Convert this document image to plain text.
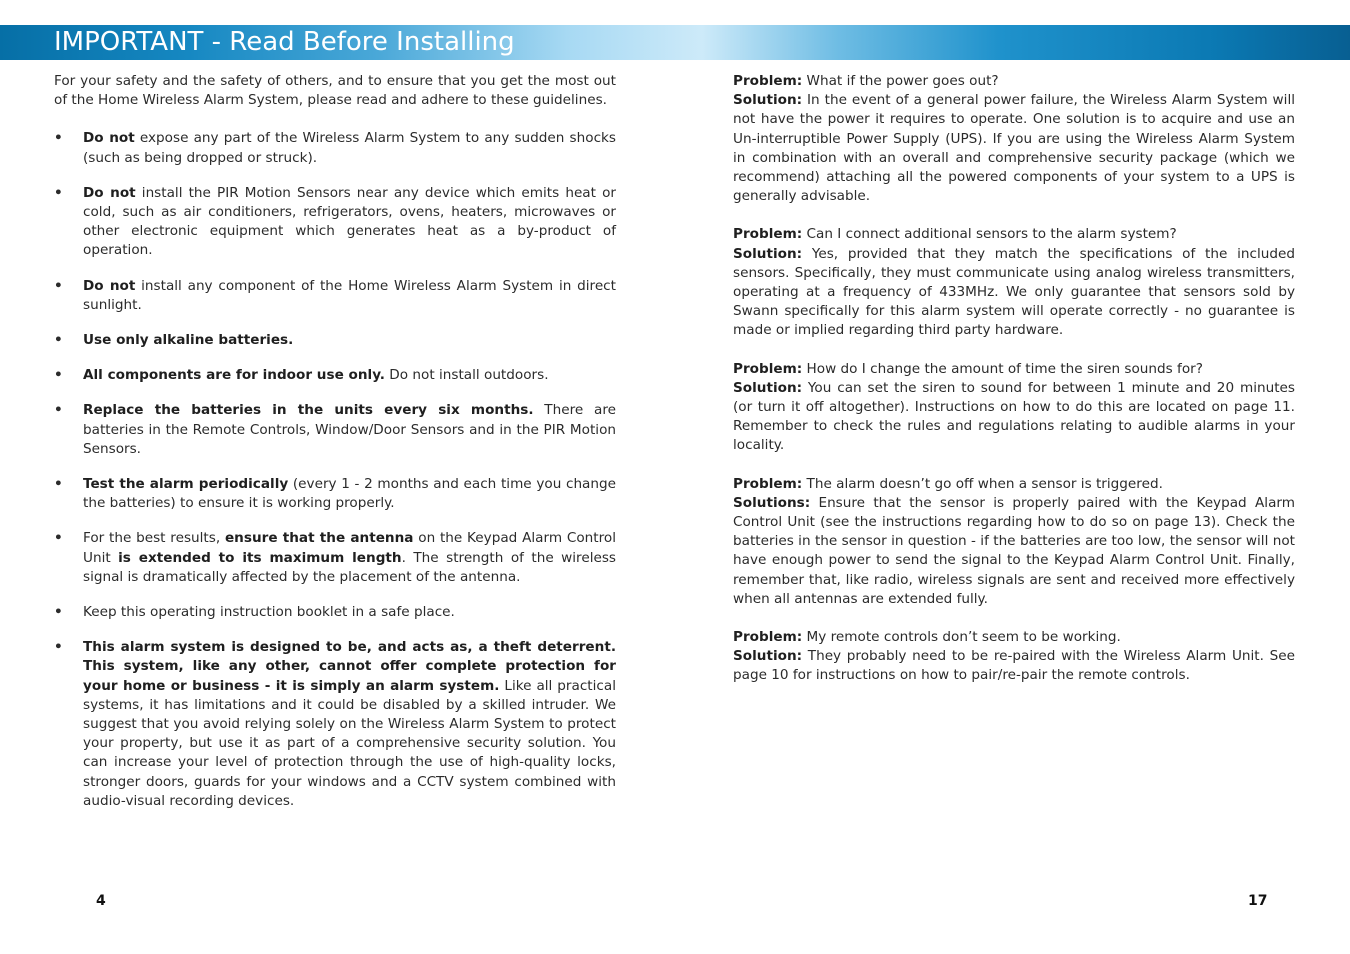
IMPORTANT - Read Before Installing

For your safety and the safety of others, and to ensure that you get the most out of the Home Wireless Alarm System, please read and adhere to these guidelines.

• Do not expose any part of the Wireless Alarm System to any sudden shocks (such as being dropped or struck).
• Do not install the PIR Motion Sensors near any device which emits heat or cold, such as air conditioners, refrigerators, ovens, heaters, microwaves or other electronic equipment which generates heat as a by-product of operation.
• Do not install any component of the Home Wireless Alarm System in direct sunlight.
• Use only alkaline batteries.
• All components are for indoor use only. Do not install outdoors.
• Replace the batteries in the units every six months. There are batteries in the Remote Controls, Window/Door Sensors and in the PIR Motion Sensors.
• Test the alarm periodically (every 1 - 2 months and each time you change the batteries) to ensure it is working properly.
• For the best results, ensure that the antenna on the Keypad Alarm Control Unit is extended to its maximum length. The strength of the wireless signal is dramatically affected by the placement of the antenna.
• Keep this operating instruction booklet in a safe place.
• This alarm system is designed to be, and acts as, a theft deterrent. This system, like any other, cannot offer complete protection for your home or business - it is simply an alarm system. Like all practical systems, it has limitations and it could be disabled by a skilled intruder. We suggest that you avoid relying solely on the Wireless Alarm System to protect your property, but use it as part of a comprehensive security solution. You can increase your level of protection through the use of high-quality locks, stronger doors, guards for your windows and a CCTV system combined with audio-visual recording devices.

Problem: What if the power goes out?

Solution: In the event of a general power failure, the Wireless Alarm System will not have the power it requires to operate. One solution is to acquire and use an Un-interruptible Power Supply (UPS). If you are using the Wireless Alarm System in combination with an overall and comprehensive security package (which we recommend) attaching all the powered components of your system to a UPS is generally advisable.

Problem: Can I connect additional sensors to the alarm system?

Solution: Yes, provided that they match the specifications of the included sensors. Specifically, they must communicate using analog wireless transmitters, operating at a frequency of 433MHz. We only guarantee that sensors sold by Swann specifically for this alarm system will operate correctly - no guarantee is made or implied regarding third party hardware.

Problem: How do I change the amount of time the siren sounds for?

Solution: You can set the siren to sound for between 1 minute and 20 minutes (or turn it off altogether). Instructions on how to do this are located on page 11. Remember to check the rules and regulations relating to audible alarms in your locality.

Problem: The alarm doesn’t go off when a sensor is triggered.

Solutions: Ensure that the sensor is properly paired with the Keypad Alarm Control Unit (see the instructions regarding how to do so on page 13). Check the batteries in the sensor in question - if the batteries are too low, the sensor will not have enough power to send the signal to the Keypad Alarm Control Unit. Finally, remember that, like radio, wireless signals are sent and received more effectively when all antennas are extended fully.

Problem: My remote controls don’t seem to be working.

Solution: They probably need to be re-paired with the Wireless Alarm Unit. See page 10 for instructions on how to pair/re-pair the remote controls.

4	17
